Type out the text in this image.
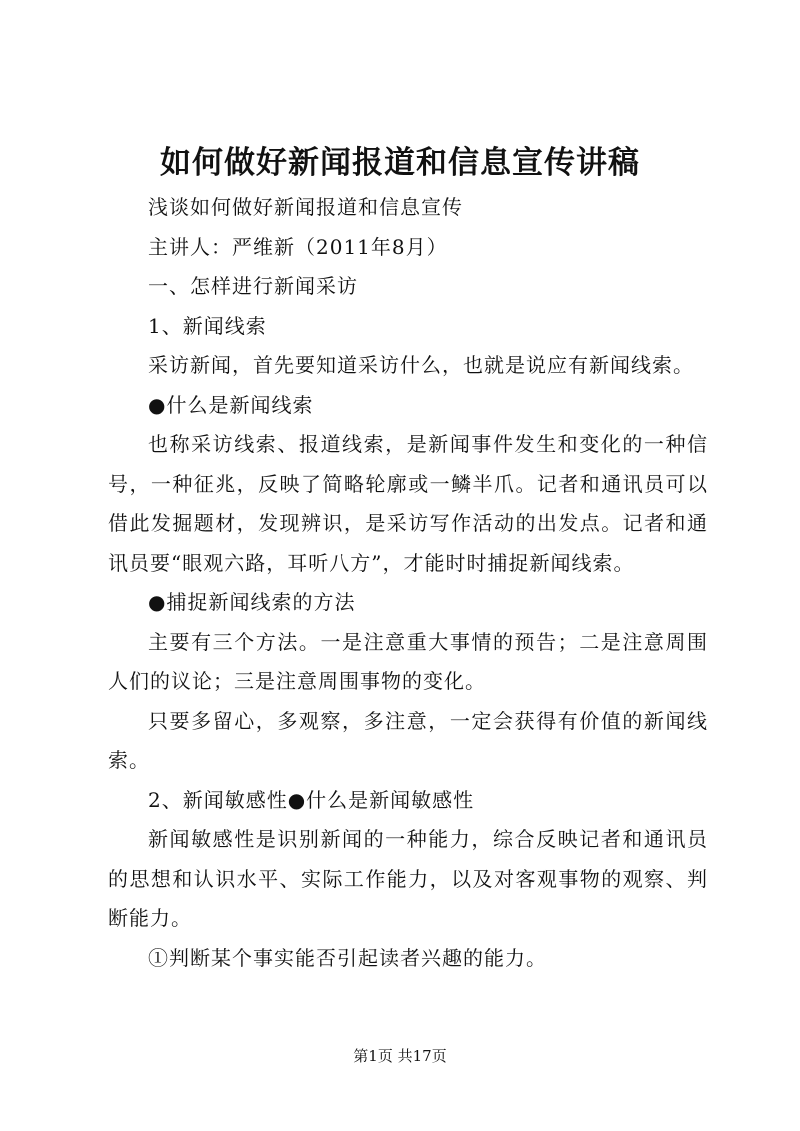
如何做好新闻报道和信息宣传讲稿

浅谈如何做好新闻报道和信息宣传

主讲人：严维新（2011年8月）

一、怎样进行新闻采访

1、新闻线索

采访新闻，首先要知道采访什么，也就是说应有新闻线索。

●什么是新闻线索

也称采访线索、报道线索，是新闻事件发生和变化的一种信号，一种征兆，反映了简略轮廓或一鳞半爪。记者和通讯员可以借此发掘题材，发现辨识，是采访写作活动的出发点。记者和通讯员要“眼观六路，耳听八方”，才能时时捕捉新闻线索。

●捕捉新闻线索的方法

主要有三个方法。一是注意重大事情的预告；二是注意周围人们的议论；三是注意周围事物的变化。

只要多留心，多观察，多注意，一定会获得有价值的新闻线索。

2、新闻敏感性●什么是新闻敏感性

新闻敏感性是识别新闻的一种能力，综合反映记者和通讯员的思想和认识水平、实际工作能力，以及对客观事物的观察、判断能力。

①判断某个事实能否引起读者兴趣的能力。

第1页 共17页
